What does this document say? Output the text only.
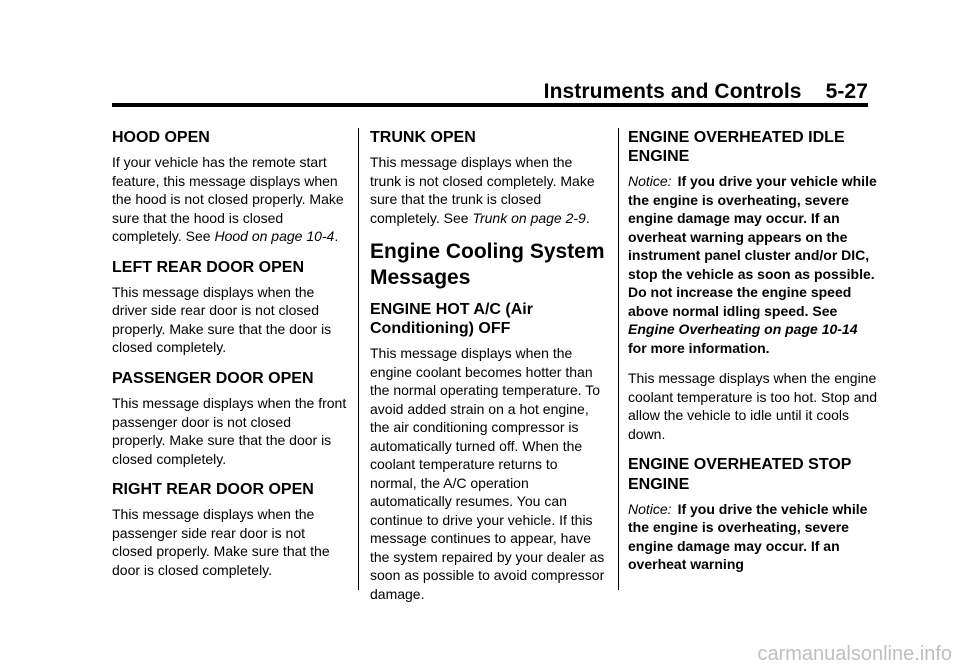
Instruments and Controls 5-27
HOOD OPEN

If your vehicle has the remote start feature, this message displays when the hood is not closed properly. Make sure that the hood is closed completely. See Hood on page 10-4.

LEFT REAR DOOR OPEN

This message displays when the driver side rear door is not closed properly. Make sure that the door is closed completely.

PASSENGER DOOR OPEN

This message displays when the front passenger door is not closed properly. Make sure that the door is closed completely.

RIGHT REAR DOOR OPEN

This message displays when the passenger side rear door is not closed properly. Make sure that the door is closed completely.

TRUNK OPEN

This message displays when the trunk is not closed completely. Make sure that the trunk is closed completely. See Trunk on page 2-9.

Engine Cooling System Messages
ENGINE HOT A/C (Air Conditioning) OFF

This message displays when the engine coolant becomes hotter than the normal operating temperature. To avoid added strain on a hot engine, the air conditioning compressor is automatically turned off. When the coolant temperature returns to normal, the A/C operation automatically resumes. You can continue to drive your vehicle. If this message continues to appear, have the system repaired by your dealer as soon as possible to avoid compressor damage.

ENGINE OVERHEATED IDLE ENGINE

Notice: If you drive your vehicle while the engine is overheating, severe engine damage may occur. If an overheat warning appears on the instrument panel cluster and/or DIC, stop the vehicle as soon as possible. Do not increase the engine speed above normal idling speed. See Engine Overheating on page 10-14 for more information.

This message displays when the engine coolant temperature is too hot. Stop and allow the vehicle to idle until it cools down.

ENGINE OVERHEATED STOP ENGINE

Notice: If you drive the vehicle while the engine is overheating, severe engine damage may occur. If an overheat warning

carmanualsonline.info
